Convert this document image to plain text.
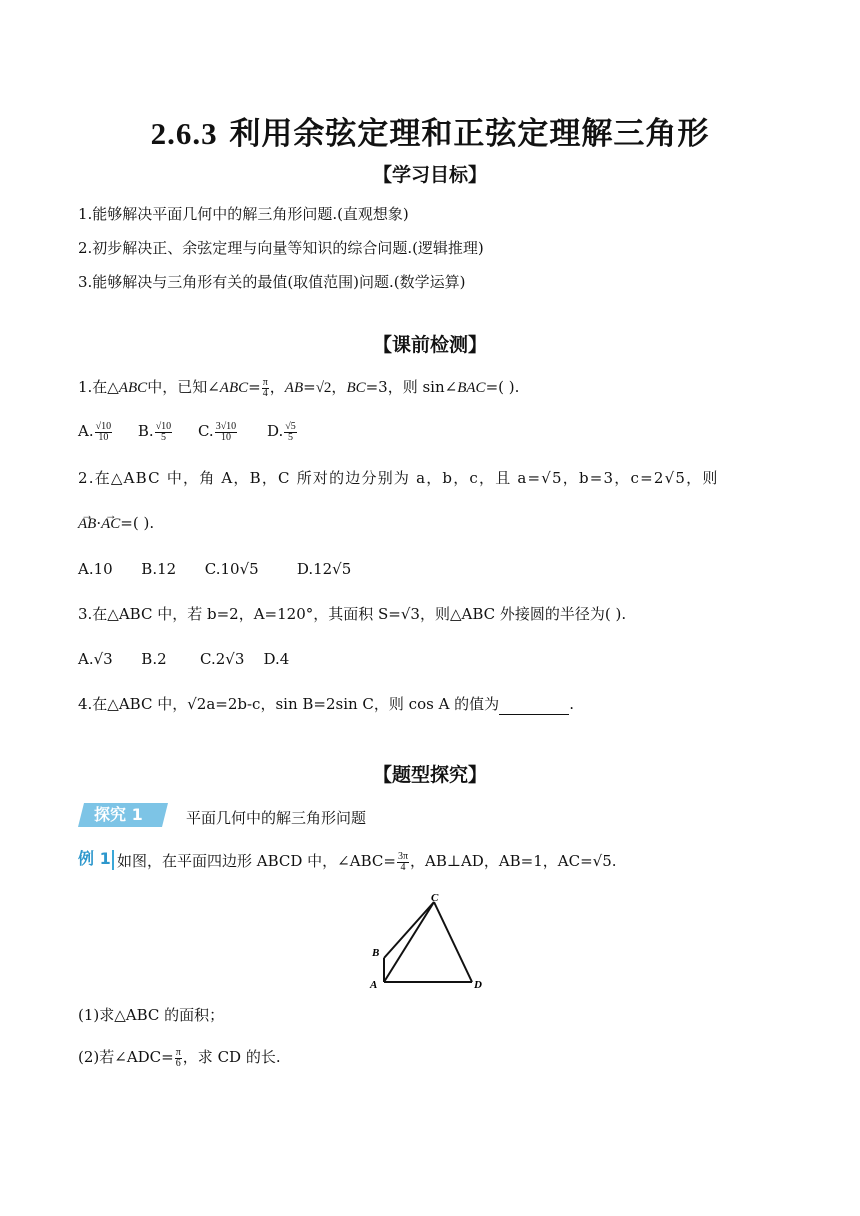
2.6.3 利用余弦定理和正弦定理解三角形
【学习目标】
1.能够解决平面几何中的解三角形问题.(直观想象)
2.初步解决正、余弦定理与向量等知识的综合问题.(逻辑推理)
3.能够解决与三角形有关的最值(取值范围)问题.(数学运算)
【课前检测】
1.在△ABC中，已知∠ABC= $\frac{\pi}{4}$ ，AB=√2，BC=3，则 sin∠BAC=( ).
A. $\frac{√10}{10} B$. $\frac{√10}{5} C$. $\frac{3√10}{10} D$. $\frac{√5}{5}$
2.在△ABC 中，角 A，B，C 所对的边分别为 a，b，c，且 a=√5，b=3，c=2√5，则
→ AB·→ AC=( ).
A.10      B.12      C.10√5        D.12√5
3.在△ABC 中，若 b=2，A=120°，其面积 S=√3，则△ABC 外接圆的半径为( ).
A.√3      B.2       C.2√3    D.4
4.在△ABC 中，√2a=2b-c，sin B=2sin C，则 cos A 的值为	.
【题型探究】
探究 1	平面几何中的解三角形问题
例 1 如图，在平面四边形 ABCD 中，∠ABC= $\frac{3\pi}{4}$ ，AB⊥AD，AB=1，AC=√5.
A
B
C
D
(1)求△ABC 的面积；
(2)若∠ADC= $\frac{\pi}{6}$ ，求 CD 的长.
